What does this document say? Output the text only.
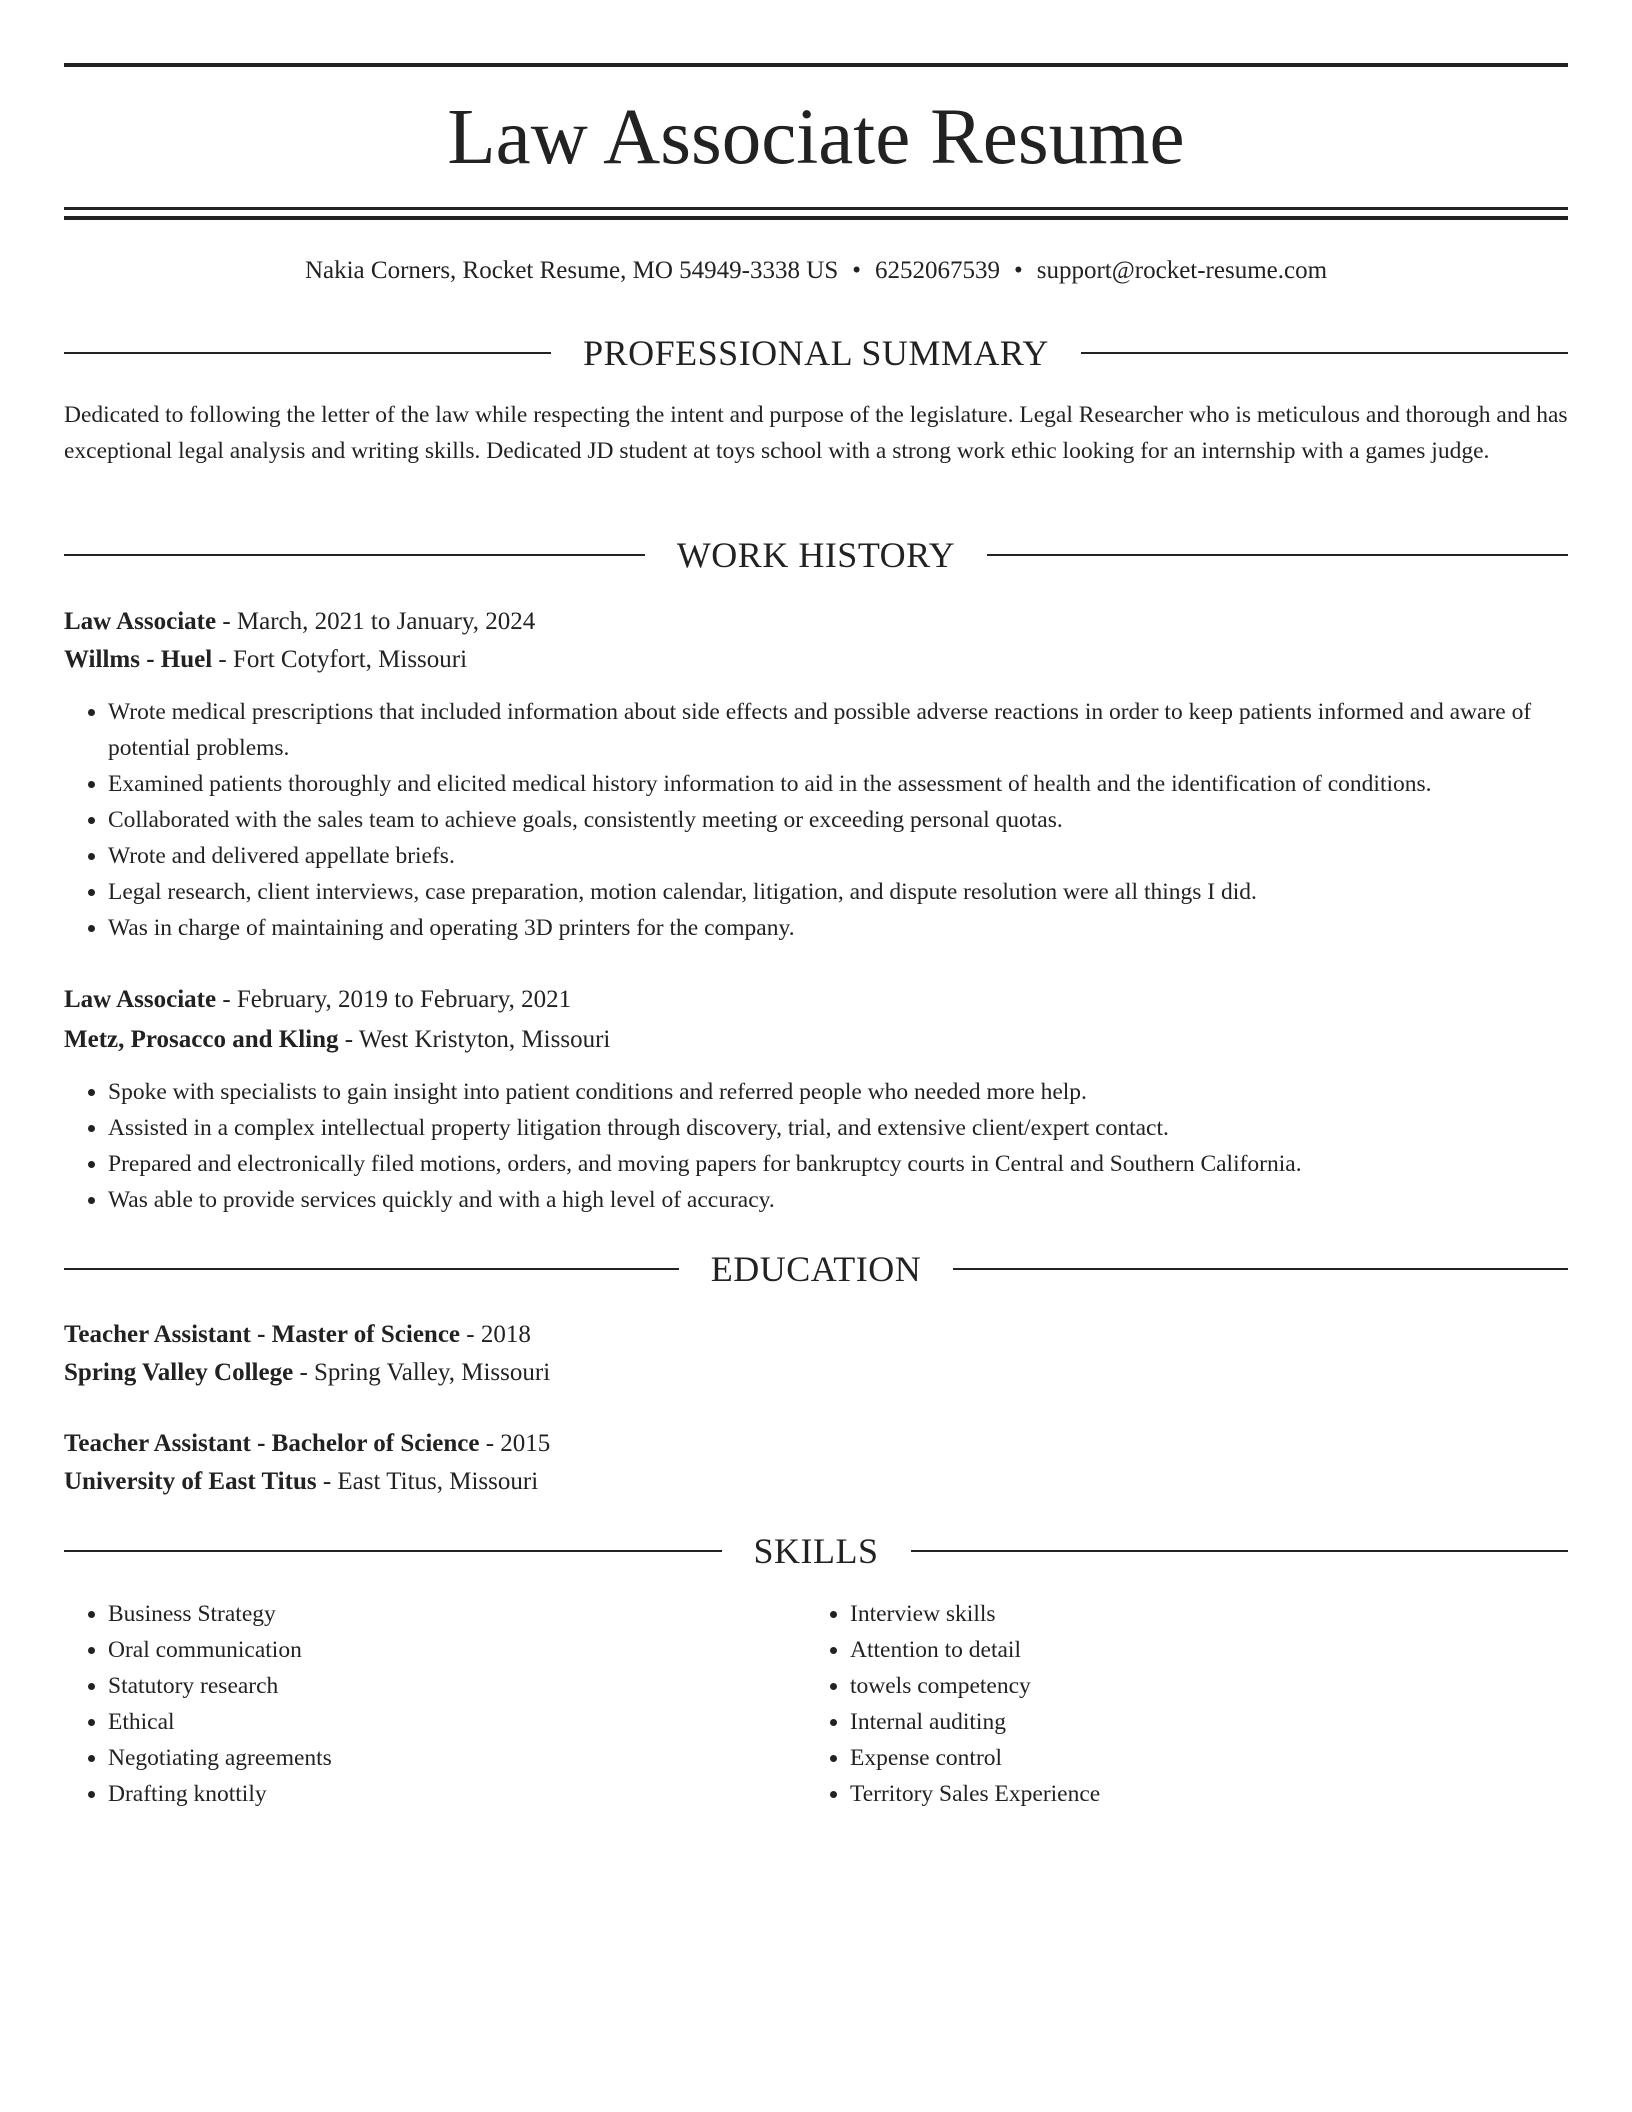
Law Associate Resume
Nakia Corners, Rocket Resume, MO 54949-3338 US • 6252067539 • support@rocket-resume.com
PROFESSIONAL SUMMARY
Dedicated to following the letter of the law while respecting the intent and purpose of the legislature. Legal Researcher who is meticulous and thorough and has exceptional legal analysis and writing skills. Dedicated JD student at toys school with a strong work ethic looking for an internship with a games judge.
WORK HISTORY
Law Associate - March, 2021 to January, 2024
Willms - Huel - Fort Cotyfort, Missouri
• Wrote medical prescriptions that included information about side effects and possible adverse reactions in order to keep patients informed and aware of potential problems.
• Examined patients thoroughly and elicited medical history information to aid in the assessment of health and the identification of conditions.
• Collaborated with the sales team to achieve goals, consistently meeting or exceeding personal quotas.
• Wrote and delivered appellate briefs.
• Legal research, client interviews, case preparation, motion calendar, litigation, and dispute resolution were all things I did.
• Was in charge of maintaining and operating 3D printers for the company.
Law Associate - February, 2019 to February, 2021
Metz, Prosacco and Kling - West Kristyton, Missouri
• Spoke with specialists to gain insight into patient conditions and referred people who needed more help.
• Assisted in a complex intellectual property litigation through discovery, trial, and extensive client/expert contact.
• Prepared and electronically filed motions, orders, and moving papers for bankruptcy courts in Central and Southern California.
• Was able to provide services quickly and with a high level of accuracy.
EDUCATION
Teacher Assistant - Master of Science - 2018
Spring Valley College - Spring Valley, Missouri
Teacher Assistant - Bachelor of Science - 2015
University of East Titus - East Titus, Missouri
SKILLS
• Business Strategy
• Oral communication
• Statutory research
• Ethical
• Negotiating agreements
• Drafting knottily
• Interview skills
• Attention to detail
• towels competency
• Internal auditing
• Expense control
• Territory Sales Experience
